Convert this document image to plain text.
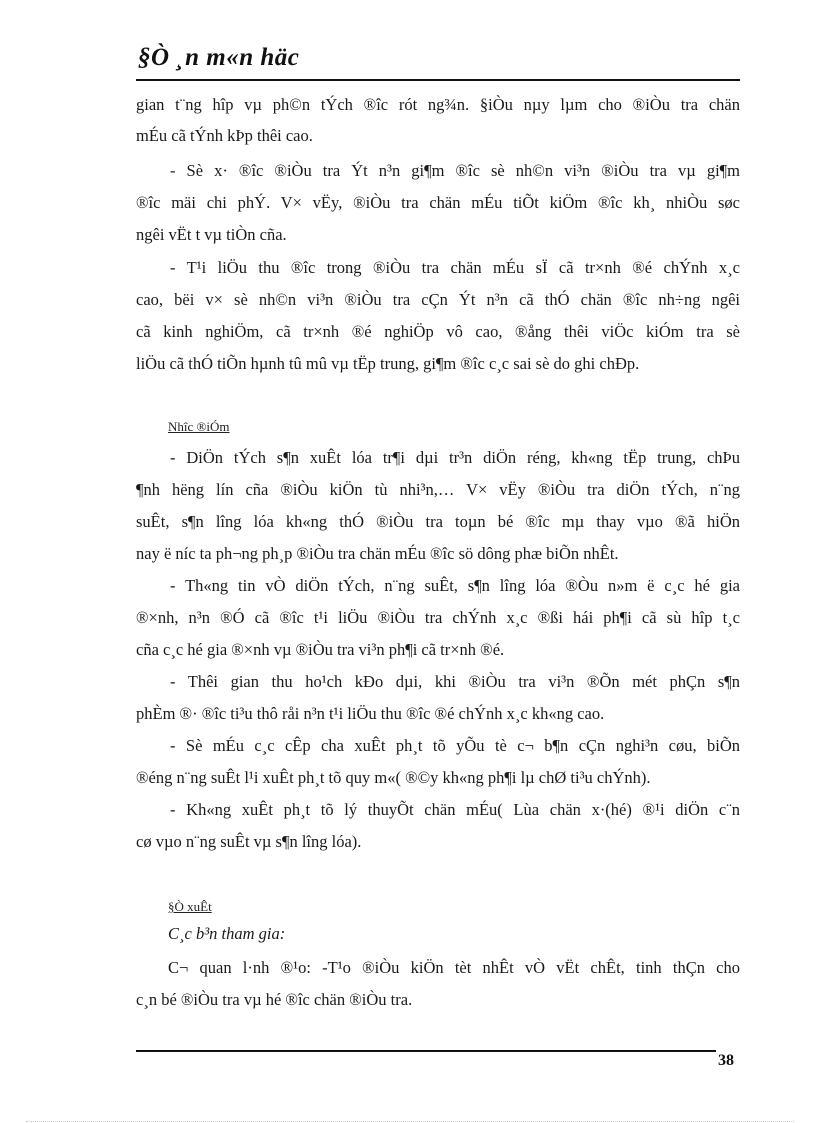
§Ò ¸n m«n häc
gian t¨ng hîp vµ ph©n tÝch ®îc rót ng¾n. §iÒu nµy lµm cho ®iÒu tra chän
mÉu cã tÝnh kÞp thêi cao.
- Sè x· ®îc ®iÒu tra Ýt n³n gi¶m ®îc sè nh©n vi³n ®iÒu tra vµ gi¶m
®îc mäi chi phÝ. V× vËy, ®iÒu tra chän mÉu tiÕt kiÖm ®îc kh¸ nhiÒu søc
ngêi vËt t vµ tiÒn cña.
- T¹i liÖu thu ®îc trong ®iÒu tra chän mÉu sÏ cã tr×nh ®é chÝnh x¸c
cao, bëi v× sè nh©n vi³n ®iÒu tra cÇn Ýt n³n cã thÓ chän ®îc nh÷ng ngêi
cã kinh nghiÖm, cã tr×nh ®é nghiÖp vô cao, ®ång thêi viÖc kiÓm tra sè
liÖu cã thÓ tiÕn hµnh tû mû vµ tËp trung, gi¶m ®îc c¸c sai sè do ghi chÐp.
Nhîc ®iÓm
- DiÖn tÝch s¶n xuÊt lóa tr¶i dµi tr³n diÖn réng, kh«ng tËp trung, chÞu
¶nh hëng lín cña ®iÒu kiÖn tù nhi³n,… V× vËy ®iÒu tra diÖn tÝch, n¨ng
suÊt, s¶n lîng lóa kh«ng thÓ ®iÒu tra toµn bé ®îc mµ thay vµo ®ã hiÖn
nay ë níc ta ph¬ng ph¸p ®iÒu tra chän mÉu ®îc sö dông phæ biÕn nhÊt.
- Th«ng tin vÒ diÖn tÝch, n¨ng suÊt, s¶n lîng lóa ®Òu n»m ë c¸c hé gia
®×nh, n³n ®Ó cã ®îc t¹i liÖu ®iÒu tra chÝnh x¸c ®ßi hái ph¶i cã sù hîp t¸c
cña c¸c hé gia ®×nh vµ ®iÒu tra vi³n ph¶i cã tr×nh ®é.
- Thêi gian thu ho¹ch kÐo dµi, khi ®iÒu tra vi³n ®Õn mét phÇn s¶n
phÈm ®· ®îc ti³u thô råi n³n t¹i liÖu thu ®îc ®é chÝnh x¸c kh«ng cao.
- Sè mÉu c¸c cÊp cha xuÊt ph¸t tõ yÕu tè c¬ b¶n cÇn nghi³n cøu, biÕn
®éng n¨ng suÊt l¹i xuÊt ph¸t tõ quy m«( ®©y kh«ng ph¶i lµ chØ ti³u chÝnh).
- Kh«ng xuÊt ph¸t tõ lý thuyÕt chän mÉu( Lùa chän x·(hé) ®¹i diÖn c¨n
cø vµo n¨ng suÊt vµ s¶n lîng lóa).
§Ò xuÊt
C¸c b³n tham gia:
C¬ quan l·nh ®¹o: -T¹o ®iÒu kiÖn tèt nhÊt vÒ vËt chÊt, tinh thÇn cho
c¸n bé ®iÒu tra vµ hé ®îc chän ®iÒu tra.
38
